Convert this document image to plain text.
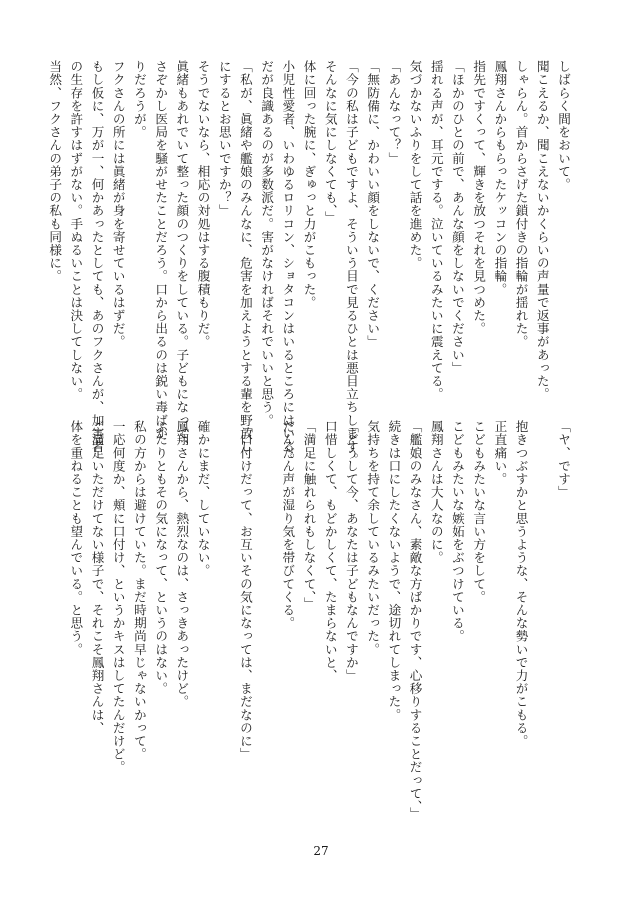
しばらく間をおいて。

聞こえるか、聞こえないかくらいの声量で返事があった。

しゃらん。首からさげた鎖付きの指輪が揺れた。

鳳翔さんからもらったケッコンの指輪。

指先ですくって、輝きを放つそれを見つめた。

「ほかのひとの前で、あんな顔をしないでください」

揺れる声が、耳元でする。泣いているみたいに震えてる。

気づかないふりをして話を進めた。

「あんなって？」

「無防備に、かわいい顔をしないで、ください」

「今の私は子どもですよ、そういう目で見るひとは悪目立ちします。

そんなに気にしなくても、」

体に回った腕に、ぎゅっと力がこもった。

小児性愛者、いわゆるロリコン、ショタコンはいるところにはいる。

だが良識あるのが多数派だ。害がなければそれでいいと思う。

「私が、眞緒や艦娘のみんなに、危害を加えようとする輩を野放し

にするとお思いですか？」

そうでないなら、相応の対処はする腹積もりだ。

眞緒もあれでいて整った顔のつくりをしている。子どもになって、

さぞかし医局を騒がせたことだろう。口から出るのは鋭い毒ばか

りだろうが。

フクさんの所には眞緒が身を寄せているはずだ。

もし仮に、万が一、何かあったとしても、あのフクさんが、加害者

の生存を許すはずがない。手ぬるいことは決してしない。

当然、フクさんの弟子の私も同様に。

「ヤ、です」

抱きつぶすかと思うような、そんな勢いで力がこもる。

正直痛い。

こどもみたいな言い方をして。

こどもみたいな嫉妬をぶつけている。

鳳翔さんは大人なのに。

「艦娘のみなさん、素敵な方ばかりです、心移りすることだって、」

続きは口にしたくないようで、途切れてしまった。

気持ちを持て余しているみたいだった。

「どうして今、あなたは子どもなんですか」

口惜しくて、もどかしくて、たまらないと、

「満足に触れられもしなくて、」

だんだん声が湿り気を帯びてくる。

「口付けだって、お互いその気になっては、まだなのに」

確かにまだ、していない。

鳳翔さんから、熱烈なのは、さっきあったけど。

ふたりともその気になって、というのはない。

私の方からは避けていた。まだ時期尚早じゃないかって。

一応何度か、頬に口付け、というかキスはしてたんだけど。

ご満足いただけてない様子で、それこそ鳳翔さんは、

体を重ねることも望んでいる。と思う。

27
